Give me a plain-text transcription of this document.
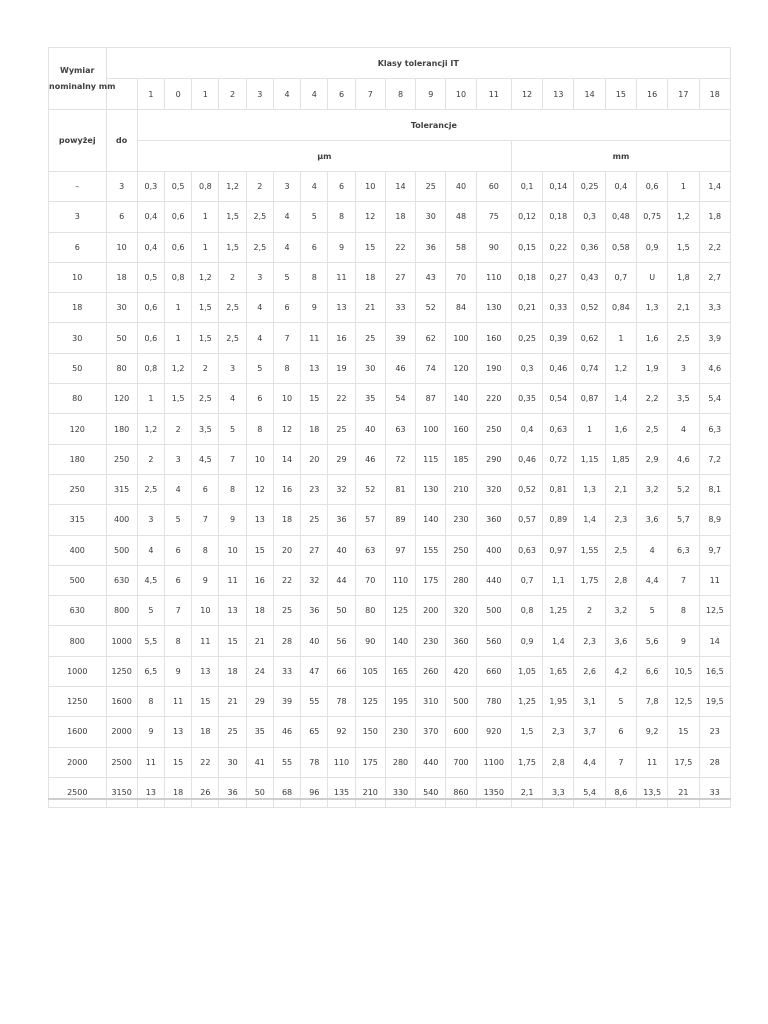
Wymiar
nominalny mm	Klasy tolerancji IT																				
		1	0	1	2	3	4	4	6	7	8	9	10	11	12	13	14	15	16	17	18
powyżej	do	Tolerancje																			
		μm													mm						
–	3	0,3	0,5	0,8	1,2	2	3	4	6	10	14	25	40	60	0,1	0,14	0,25	0,4	0,6	1	1,4
3	6	0,4	0,6	1	1,5	2,5	4	5	8	12	18	30	48	75	0,12	0,18	0,3	0,48	0,75	1,2	1,8
6	10	0,4	0,6	1	1,5	2,5	4	6	9	15	22	36	58	90	0,15	0,22	0,36	0,58	0,9	1,5	2,2
10	18	0,5	0,8	1,2	2	3	5	8	11	18	27	43	70	110	0,18	0,27	0,43	0,7	U	1,8	2,7
18	30	0,6	1	1,5	2,5	4	6	9	13	21	33	52	84	130	0,21	0,33	0,52	0,84	1,3	2,1	3,3
30	50	0,6	1	1,5	2,5	4	7	11	16	25	39	62	100	160	0,25	0,39	0,62	1	1,6	2,5	3,9
50	80	0,8	1,2	2	3	5	8	13	19	30	46	74	120	190	0,3	0,46	0,74	1,2	1,9	3	4,6
80	120	1	1,5	2,5	4	6	10	15	22	35	54	87	140	220	0,35	0,54	0,87	1,4	2,2	3,5	5,4
120	180	1,2	2	3,5	5	8	12	18	25	40	63	100	160	250	0,4	0,63	1	1,6	2,5	4	6,3
180	250	2	3	4,5	7	10	14	20	29	46	72	115	185	290	0,46	0,72	1,15	1,85	2,9	4,6	7,2
250	315	2,5	4	6	8	12	16	23	32	52	81	130	210	320	0,52	0,81	1,3	2,1	3,2	5,2	8,1
315	400	3	5	7	9	13	18	25	36	57	89	140	230	360	0,57	0,89	1,4	2,3	3,6	5,7	8,9
400	500	4	6	8	10	15	20	27	40	63	97	155	250	400	0,63	0,97	1,55	2,5	4	6,3	9,7
500	630	4,5	6	9	11	16	22	32	44	70	110	175	280	440	0,7	1,1	1,75	2,8	4,4	7	11
630	800	5	7	10	13	18	25	36	50	80	125	200	320	500	0,8	1,25	2	3,2	5	8	12,5
800	1000	5,5	8	11	15	21	28	40	56	90	140	230	360	560	0,9	1,4	2,3	3,6	5,6	9	14
1000	1250	6,5	9	13	18	24	33	47	66	105	165	260	420	660	1,05	1,65	2,6	4,2	6,6	10,5	16,5
1250	1600	8	11	15	21	29	39	55	78	125	195	310	500	780	1,25	1,95	3,1	5	7,8	12,5	19,5
1600	2000	9	13	18	25	35	46	65	92	150	230	370	600	920	1,5	2,3	3,7	6	9,2	15	23
2000	2500	11	15	22	30	41	55	78	110	175	280	440	700	1100	1,75	2,8	4,4	7	11	17,5	28
2500	3150	13	18	26	36	50	68	96	135	210	330	540	860	1350	2,1	3,3	5,4	8,6	13,5	21	33
